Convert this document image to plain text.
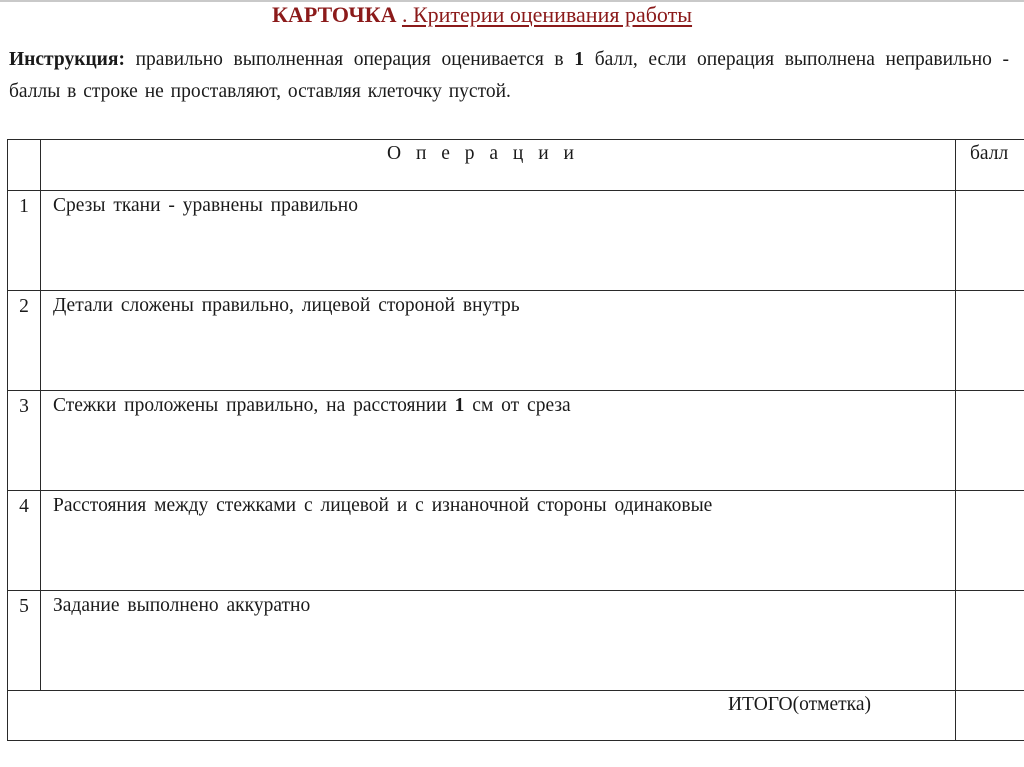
КАРТОЧКА . Критерии оценивания работы
Инструкция: правильно выполненная операция оценивается в 1 балл, если операция выполнена неправильно - баллы в строке не проставляют, оставляя клеточку пустой.

	О п е р а ц и и	балл

1	Срезы ткани - уравнены правильно	

2	Детали сложены правильно, лицевой стороной внутрь	

3	Стежки проложены правильно, на расстоянии 1 см от среза	

4	Расстояния между стежками с лицевой и с изнаночной стороны одинаковые	

5	Задание выполнено аккуратно	

ИТОГО(отметка)		
